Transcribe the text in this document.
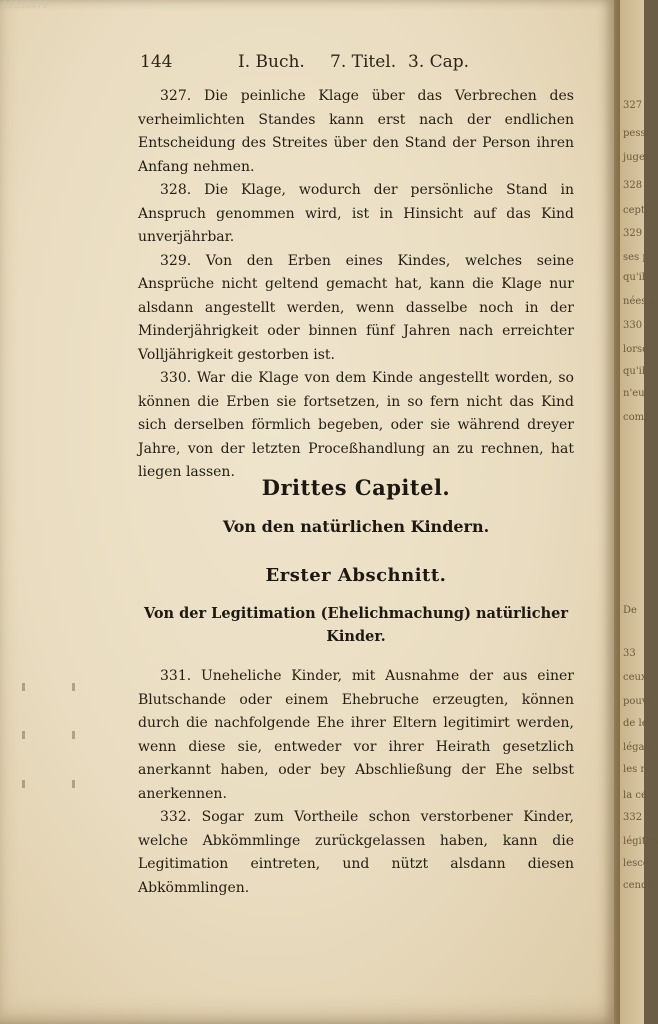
10550479
327
pessi
jugem
328
ceptib
329
ses p
qu'il e
nées a
330
lorsq
qu'il
n'eu
comp
De
33
ceux
pouve
de le
légale
les re
la cé
332
légitim
lesce
cende
144	I. Buch. 7. Titel. 3. Cap.

327. Die peinliche Klage über das Verbrechen des verheimlichten Standes kann erst nach der endlichen Entscheidung des Streites über den Stand der Person ihren Anfang nehmen.

328. Die Klage, wodurch der persönliche Stand in Anspruch genommen wird, ist in Hinsicht auf das Kind unverjährbar.

329. Von den Erben eines Kindes, welches seine Ansprüche nicht geltend gemacht hat, kann die Klage nur alsdann angestellt werden, wenn dasselbe noch in der Minderjährigkeit oder binnen fünf Jahren nach erreichter Volljährigkeit gestorben ist.

330. War die Klage von dem Kinde angestellt worden, so können die Erben sie fortsetzen, in so fern nicht das Kind sich derselben förmlich begeben, oder sie während dreyer Jahre, von der letzten Proceßhandlung an zu rechnen, hat liegen lassen.

Drittes Capitel.
Von den natürlichen Kindern.
Erster Abschnitt.
Von der Legitimation (Ehelichmachung) natürlicher Kinder.

331. Uneheliche Kinder, mit Ausnahme der aus einer Blutschande oder einem Ehebruche erzeugten, können durch die nachfolgende Ehe ihrer Eltern legitimirt werden, wenn diese sie, entweder vor ihrer Heirath gesetzlich anerkannt haben, oder bey Abschließung der Ehe selbst anerkennen.

332. Sogar zum Vortheile schon verstorbener Kinder, welche Abkömmlinge zurückgelassen haben, kann die Legitimation eintreten, und nützt alsdann diesen Abkömmlingen.
